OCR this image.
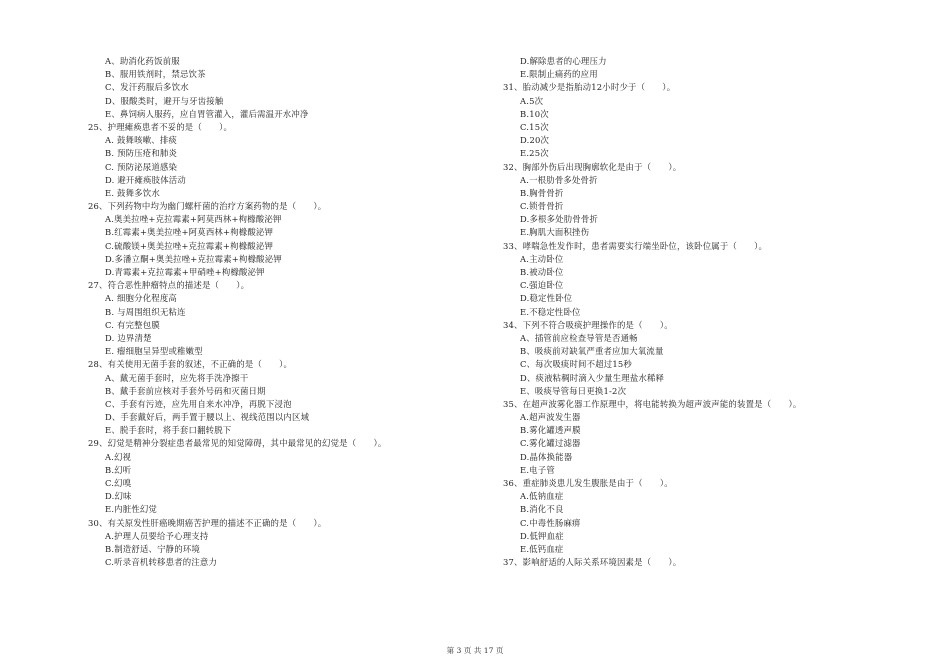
A、助消化药饭前服
B、服用铁剂时，禁忌饮茶
C、发汗药服后多饮水
D、服酸类时，避开与牙齿接触
E、鼻饲病人服药，应自胃管灌入，灌后需温开水冲净
25、护理瘫痪患者不妥的是（　　）。
A. 鼓舞咳嗽、排痰
B. 预防压疮和肺炎
C. 预防泌尿道感染
D. 避开瘫痪肢体活动
E. 鼓舞多饮水
26、下列药物中均为幽门螺杆菌的治疗方案药物的是（　　）。
A.奥美拉唑+克拉霉素+阿莫西林+枸橼酸泌钾
B.红霉素+奥美拉唑+阿莫西林+枸橼酸泌钾
C.硫酸镁+奥美拉唑+克拉霉素+枸橼酸泌钾
D.多潘立酮+奥美拉唑+克拉霉素+枸橼酸泌钾
D.青霉素+克拉霉素+甲硝唑+枸橼酸泌钾
27、符合恶性肿瘤特点的描述是（　　）。
A. 细胞分化程度高
B. 与周围组织无粘连
C. 有完整包膜
D. 边界清楚
E. 瘤细胞呈异型或稚嫩型
28、有关使用无菌手套的叙述，不正确的是（　　）。
A、戴无菌手套时，应先将手洗净擦干
B、戴手套前应核对手套外号码和灭菌日期
C、手套有污迹，应先用自来水冲净，再脱下浸泡
D、手套戴好后，两手置于腰以上、视线范围以内区域
E、脱手套时，将手套口翻转脱下
29、幻觉是精神分裂症患者最常见的知觉障碍，其中最常见的幻觉是（　　）。
A.幻视
B.幻听
C.幻嗅
D.幻味
E.内脏性幻觉
30、有关原发性肝癌晚期癌苦护理的描述不正确的是（　　）。
A.护理人员要给予心理支持
B.制造舒适、宁静的环境
C.听录音机转移患者的注意力
D.解除患者的心理压力
E.限制止痛药的应用
31、胎动减少是指胎动12小时少于（　　）。
A.5次
B.10次
C.15次
D.20次
E.25次
32、胸部外伤后出现胸廓软化是由于（　　）。
A.一根肋骨多处骨折
B.胸骨骨折
C.锁骨骨折
D.多根多处肋骨骨折
E.胸肌大面积挫伤
33、哮喘急性发作时，患者需要实行端坐卧位，该卧位属于（　　）。
A.主动卧位
B.被动卧位
C.强迫卧位
D.稳定性卧位
E.不稳定性卧位
34、下列不符合吸痰护理操作的是（　　）。
A、插管前应检查导管是否通畅
B、吸痰前对缺氧严重者应加大氧流量
C、每次吸痰时间不超过15秒
D、痰液粘稠时滴入少量生理盐水稀释
E、吸痰导管每日更换1-2次
35、在超声波雾化器工作原理中，将电能转换为超声波声能的装置是（　　）。
A.超声波发生器
B.雾化罐透声膜
C.雾化罐过滤器
D.晶体换能器
E.电子管
36、重症肺炎患儿发生腹胀是由于（　　）。
A.低钠血症
B.消化不良
C.中毒性肠麻痹
D.低钾血症
E.低钙血症
37、影响舒适的人际关系环境因素是（　　）。
第 3 页 共 17 页
